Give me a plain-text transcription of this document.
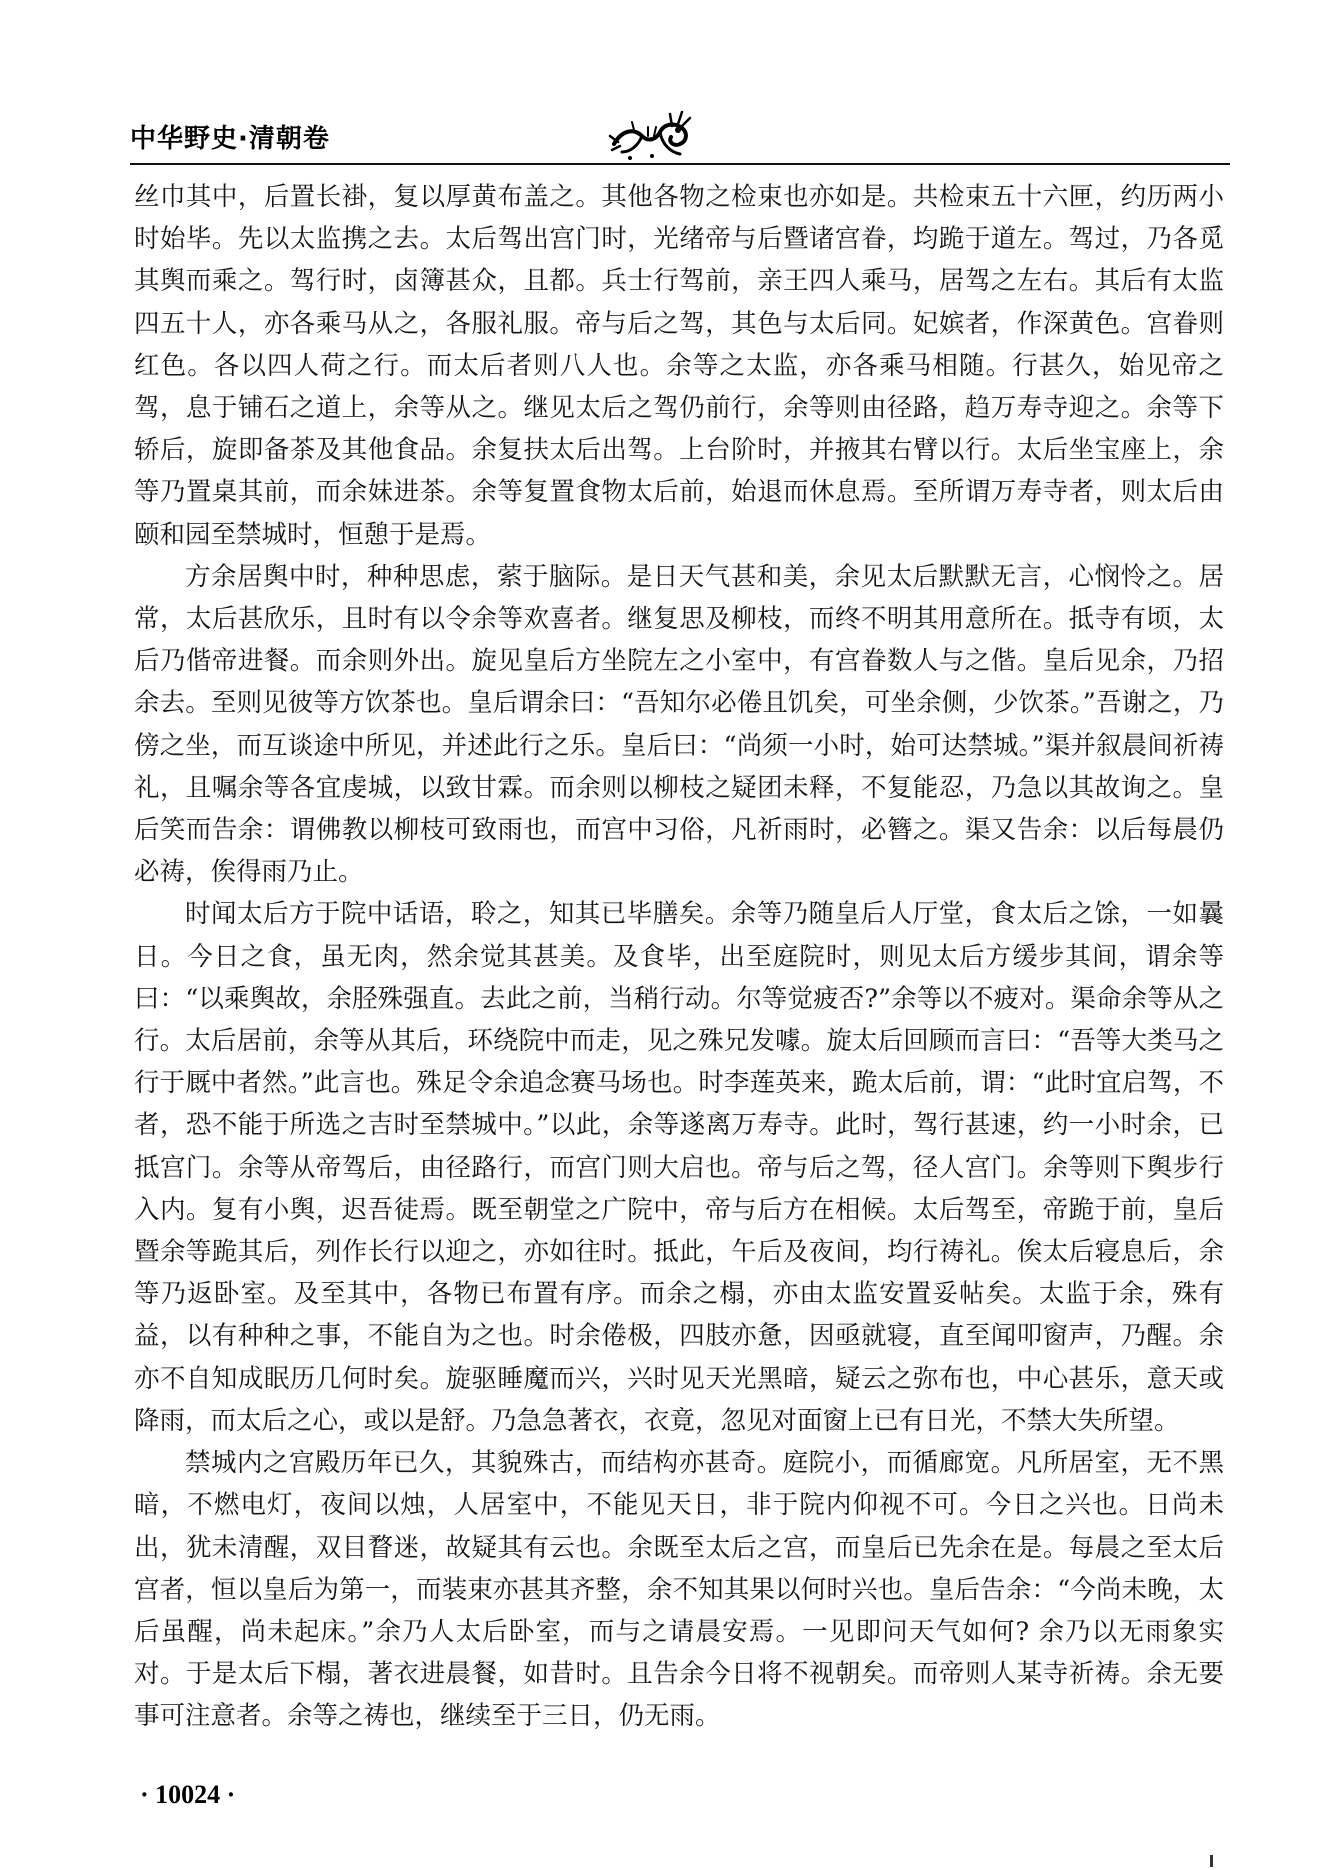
中华野史·清朝卷

丝巾其中，后置长褂，复以厚黄布盖之。其他各物之检束也亦如是。共检束五十六匣，约历两小时始毕。先以太监携之去。太后驾出宫门时，光绪帝与后暨诸宫眷，均跪于道左。驾过，乃各觅其舆而乘之。驾行时，卤簿甚众，且都。兵士行驾前，亲王四人乘马，居驾之左右。其后有太监四五十人，亦各乘马从之，各服礼服。帝与后之驾，其色与太后同。妃嫔者，作深黄色。宫眷则红色。各以四人荷之行。而太后者则八人也。余等之太监，亦各乘马相随。行甚久，始见帝之驾，息于铺石之道上，余等从之。继见太后之驾仍前行，余等则由径路，趋万寿寺迎之。余等下轿后，旋即备茶及其他食品。余复扶太后出驾。上台阶时，并掖其右臂以行。太后坐宝座上，余等乃置桌其前，而余妹进茶。余等复置食物太后前，始退而休息焉。至所谓万寿寺者，则太后由颐和园至禁城时，恒憩于是焉。

方余居舆中时，种种思虑，萦于脑际。是日天气甚和美，余见太后默默无言，心悯怜之。居常，太后甚欣乐，且时有以令余等欢喜者。继复思及柳枝，而终不明其用意所在。抵寺有顷，太后乃偕帝进餐。而余则外出。旋见皇后方坐院左之小室中，有宫眷数人与之偕。皇后见余，乃招余去。至则见彼等方饮茶也。皇后谓余曰：“吾知尔必倦且饥矣，可坐余侧，少饮茶。”吾谢之，乃傍之坐，而互谈途中所见，并述此行之乐。皇后曰：“尚须一小时，始可达禁城。”渠并叙晨间祈祷礼，且嘱余等各宜虔城，以致甘霖。而余则以柳枝之疑团未释，不复能忍，乃急以其故询之。皇后笑而告余：谓佛教以柳枝可致雨也，而宫中习俗，凡祈雨时，必簪之。渠又告余：以后每晨仍必祷，俟得雨乃止。

时闻太后方于院中话语，聆之，知其已毕膳矣。余等乃随皇后人厅堂，食太后之馀，一如曩日。今日之食，虽无肉，然余觉其甚美。及食毕，出至庭院时，则见太后方缓步其间，谓余等曰：“以乘舆故，余胫殊强直。去此之前，当稍行动。尔等觉疲否?”余等以不疲对。渠命余等从之行。太后居前，余等从其后，环绕院中而走，见之殊兄发噱。旋太后回顾而言曰：“吾等大类马之行于厩中者然。”此言也。殊足令余追念赛马场也。时李莲英来，跪太后前，谓：“此时宜启驾，不者，恐不能于所选之吉时至禁城中。”以此，余等遂离万寿寺。此时，驾行甚速，约一小时余，已抵宫门。余等从帝驾后，由径路行，而宫门则大启也。帝与后之驾，径人宫门。余等则下舆步行入内。复有小舆，迟吾徒焉。既至朝堂之广院中，帝与后方在相候。太后驾至，帝跪于前，皇后暨余等跪其后，列作长行以迎之，亦如往时。抵此，午后及夜间，均行祷礼。俟太后寝息后，余等乃返卧室。及至其中，各物已布置有序。而余之榻，亦由太监安置妥帖矣。太监于余，殊有益，以有种种之事，不能自为之也。时余倦极，四肢亦惫，因亟就寝，直至闻叩窗声，乃醒。余亦不自知成眠历几何时矣。旋驱睡魔而兴，兴时见天光黑暗，疑云之弥布也，中心甚乐，意天或降雨，而太后之心，或以是舒。乃急急著衣，衣竟，忽见对面窗上已有日光，不禁大失所望。

禁城内之宫殿历年已久，其貌殊古，而结构亦甚奇。庭院小，而循廊宽。凡所居室，无不黑暗，不燃电灯，夜间以烛，人居室中，不能见天日，非于院内仰视不可。今日之兴也。日尚未出，犹未清醒，双目瞀迷，故疑其有云也。余既至太后之宫，而皇后已先余在是。每晨之至太后宫者，恒以皇后为第一，而装束亦甚其齐整，余不知其果以何时兴也。皇后告余：“今尚未晚，太后虽醒，尚未起床。”余乃人太后卧室，而与之请晨安焉。一见即问天气如何? 余乃以无雨象实对。于是太后下榻，著衣进晨餐，如昔时。且告余今日将不视朝矣。而帝则人某寺祈祷。余无要事可注意者。余等之祷也，继续至于三日，仍无雨。

· 10024 ·
